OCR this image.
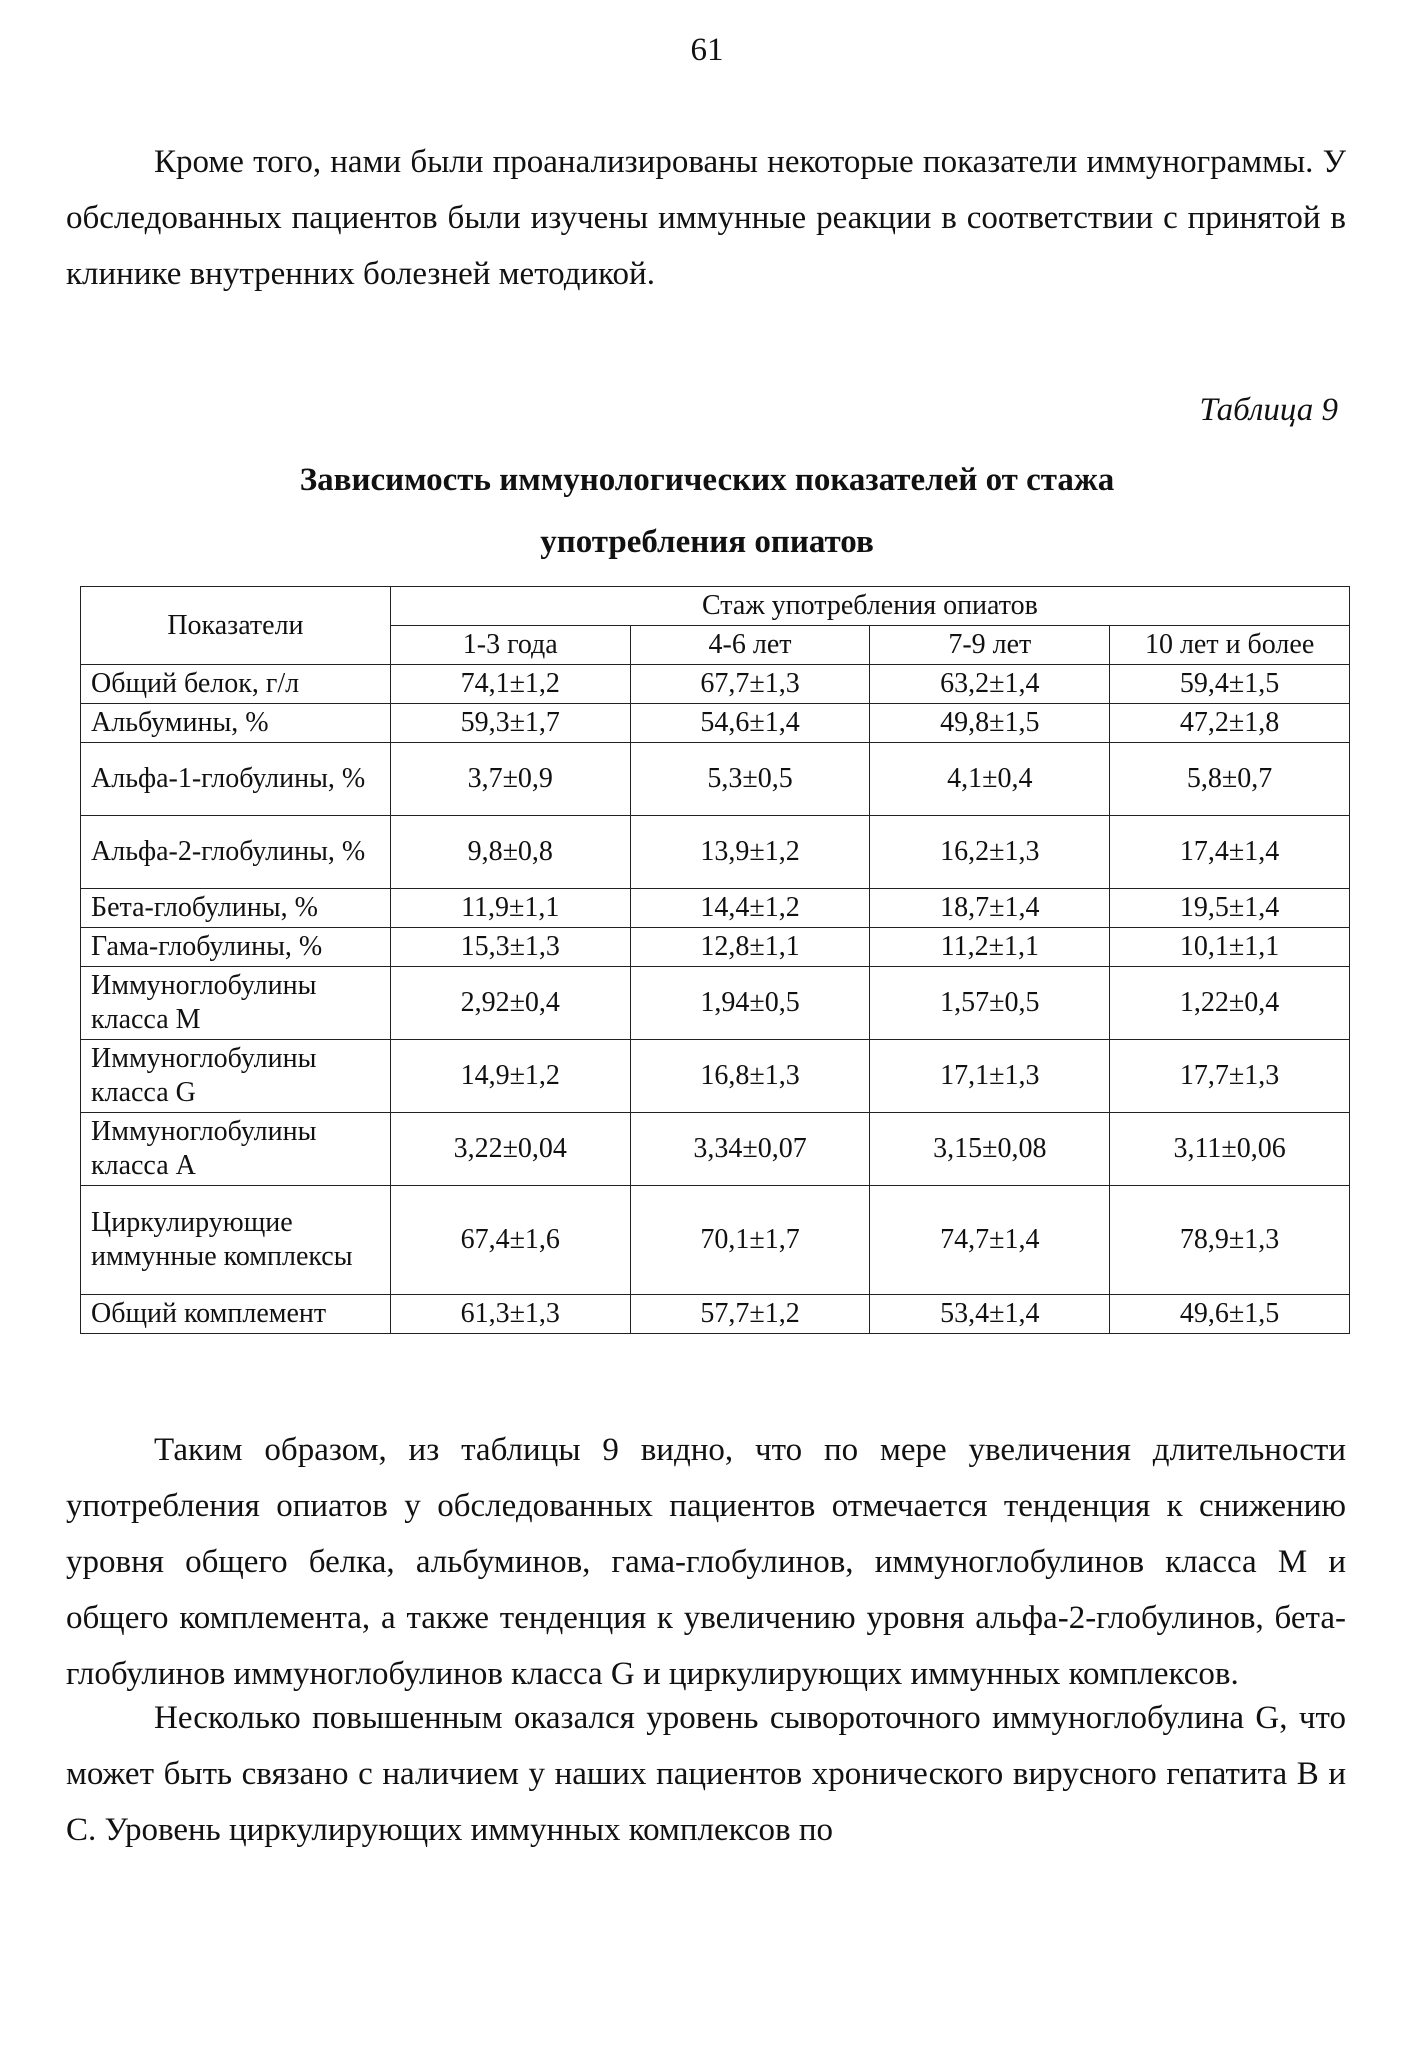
61

Кроме того, нами были проанализированы некоторые показатели иммунограммы. У обследованных пациентов были изучены иммунные реакции в соответствии с принятой в клинике внутренних болезней методикой.

Таблица 9

Зависимость иммунологических показателей от стажа

употребления опиатов

Показатели	Стаж употребления опиатов			
	1-3 года	4-6 лет	7-9 лет	10 лет и более
Общий белок, г/л	74,1±1,2	67,7±1,3	63,2±1,4	59,4±1,5
Альбумины, %	59,3±1,7	54,6±1,4	49,8±1,5	47,2±1,8
Альфа-1-глобулины, %	3,7±0,9	5,3±0,5	4,1±0,4	5,8±0,7
Альфа-2-глобулины, %	9,8±0,8	13,9±1,2	16,2±1,3	17,4±1,4
Бета-глобулины, %	11,9±1,1	14,4±1,2	18,7±1,4	19,5±1,4
Гама-глобулины, %	15,3±1,3	12,8±1,1	11,2±1,1	10,1±1,1
Иммуноглобулины класса М	2,92±0,4	1,94±0,5	1,57±0,5	1,22±0,4
Иммуноглобулины класса G	14,9±1,2	16,8±1,3	17,1±1,3	17,7±1,3
Иммуноглобулины класса А	3,22±0,04	3,34±0,07	3,15±0,08	3,11±0,06
Циркулирующие иммунные комплексы	67,4±1,6	70,1±1,7	74,7±1,4	78,9±1,3
Общий комплемент	61,3±1,3	57,7±1,2	53,4±1,4	49,6±1,5

Таким образом, из таблицы 9 видно, что по мере увеличения длительности употребления опиатов у обследованных пациентов отмечается тенденция к снижению уровня общего белка, альбуминов, гама-глобулинов, иммуноглобулинов класса М и общего комплемента, а также тенденция к увеличению уровня альфа-2-глобулинов, бета-глобулинов иммуноглобулинов класса G и циркулирующих иммунных комплексов.

Несколько повышенным оказался уровень сывороточного иммуноглобулина G, что может быть связано с наличием у наших пациентов хронического вирусного гепатита В и С. Уровень циркулирующих иммунных комплексов по
